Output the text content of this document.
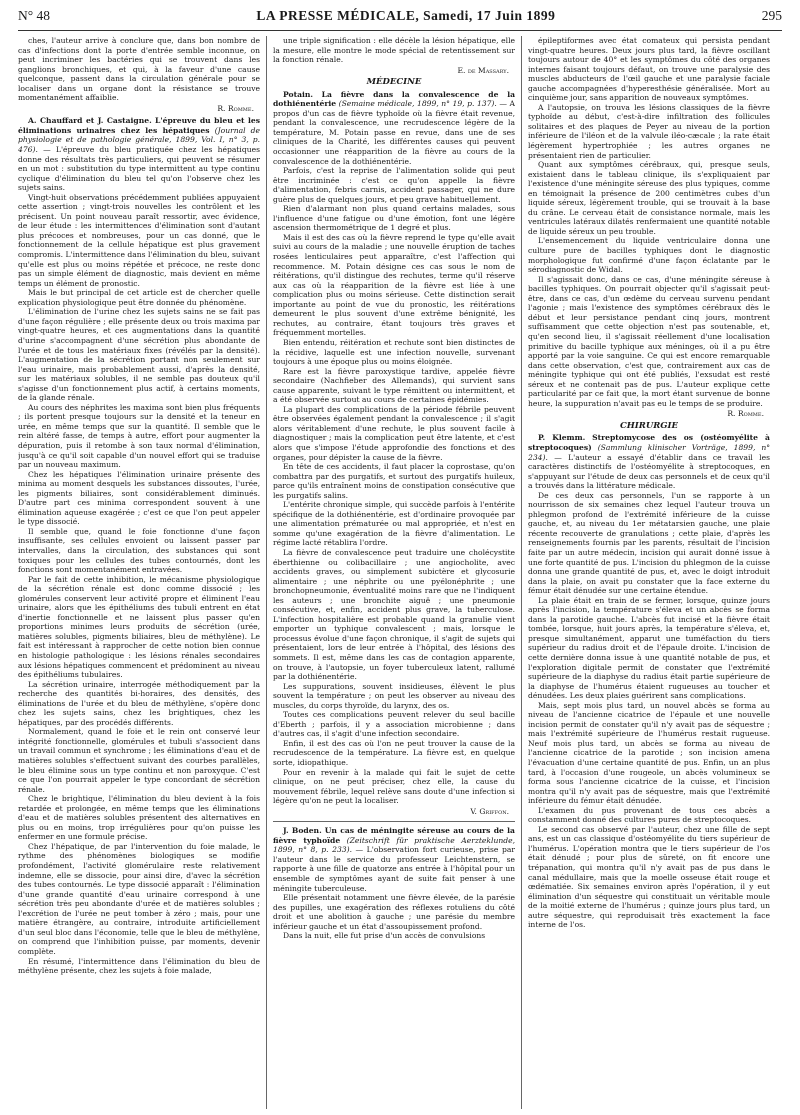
N° 48	LA PRESSE MÉDICALE, Samedi, 17 Juin 1899	295

ches, l'auteur arrive à conclure que, dans bon nombre de cas d'infections dont la porte d'entrée semble inconnue, on peut incriminer les bactéries qui se trouvent dans les ganglions bronchiques, et qui, à la faveur d'une cause quelconque, passent dans la circulation générale pour se localiser dans un organe dont la résistance se trouve momentanément affaiblie.

R. Romme.

A. Chauffard et J. Castaigne. L'épreuve du bleu et les éliminations urinaires chez les hépatiques (Journal de physiologie et de pathologie générale, 1899, Vol. I, n° 3, p. 476). — L'épreuve du bleu pratiquée chez les hépatiques donne des résultats très particuliers, qui peuvent se résumer en un mot : substitution du type intermittent au type continu cyclique d'élimination du bleu tel qu'on l'observe chez les sujets sains.

Vingt-huit observations précédemment publiées appuyaient cette assertion ; vingt-trois nouvelles les contrôlent et les précisent. Un point nouveau paraît ressortir, avec évidence, de leur étude : les intermittences d'élimination sont d'autant plus précoces et nombreuses, pour un cas donné, que le fonctionnement de la cellule hépatique est plus gravement compromis. L'intermittence dans l'élimination du bleu, suivant qu'elle est plus ou moins répétée et précoce, ne reste donc pas un simple élément de diagnostic, mais devient en même temps un élément de pronostic.

Mais le but principal de cet article est de chercher quelle explication physiologique peut être donnée du phénomène.

L'élimination de l'urine chez les sujets sains ne se fait pas d'une façon régulière ; elle présente deux ou trois maxima par vingt-quatre heures, et ces augmentations dans la quantité d'urine s'accompagnent d'une sécrétion plus abondante de l'urée et de tous les matériaux fixes (révélés par la densité). L'augmentation de la sécrétion portant non seulement sur l'eau urinaire, mais probablement aussi, d'après la densité, sur les matériaux solubles, il ne semble pas douteux qu'il s'agisse d'un fonctionnement plus actif, à certains moments, de la glande rénale.

Au cours des néphrites les maxima sont bien plus fréquents ; ils portent presque toujours sur la densité et la teneur en urée, en même temps que sur la quantité. Il semble que le rein altéré fasse, de temps à autre, effort pour augmenter la dépuration, puis il retombe à son taux normal d'élimination, jusqu'à ce qu'il soit capable d'un nouvel effort qui se traduise par un nouveau maximum.

Chez les hépatiques l'élimination urinaire présente des minima au moment desquels les substances dissoutes, l'urée, les pigments biliaires, sont considérablement diminués. D'autre part ces minima correspondent souvent à une élimination aqueuse exagérée ; c'est ce que l'on peut appeler le type dissocié.

Il semble que, quand le foie fonctionne d'une façon insuffisante, ses cellules envoient ou laissent passer par intervalles, dans la circulation, des substances qui sont toxiques pour les cellules des tubes contournés, dont les fonctions sont momentanément entravées.

Par le fait de cette inhibition, le mécanisme physiologique de la sécrétion rénale est donc comme dissocié ; les glomérules conservent leur activité propre et éliminent l'eau urinaire, alors que les épithéliums des tubuli entrent en état d'inertie fonctionnelle et ne laissent plus passer qu'en proportions minimes leurs produits de sécrétion (urée, matières solubles, pigments biliaires, bleu de méthylène). Le fait est intéressant à rapprocher de cette notion bien connue en histologie pathologique : les lésions rénales secondaires aux lésions hépatiques commencent et prédominent au niveau des épithéliums tubulaires.

La sécrétion urinaire, interrogée méthodiquement par la recherche des quantités bi-horaires, des densités, des éliminations de l'urée et du bleu de méthylène, s'opère donc chez les sujets sains, chez les brightiques, chez les hépatiques, par des procédés différents.

Normalement, quand le foie et le rein ont conservé leur intégrité fonctionnelle, glomérules et tubuli s'associent dans un travail commun et synchrome ; les éliminations d'eau et de matières solubles s'effectuent suivant des courbes parallèles, le bleu élimine sous un type continu et non paroxyque. C'est ce que l'on pourrait appeler le type concordant de sécrétion rénale.

Chez le brightique, l'élimination du bleu devient à la fois retardée et prolongée, en même temps que les éliminations d'eau et de matières solubles présentent des alternatives en plus ou en moins, trop irrégulières pour qu'on puisse les enfermer en une formule précise.

Chez l'hépatique, de par l'intervention du foie malade, le rythme des phénomènes biologiques se modifie profondément, l'activité glomérulaire reste relativement indemne, elle se dissocie, pour ainsi dire, d'avec la sécrétion des tubes contournés. Le type dissocié apparaît : l'élimination d'une grande quantité d'eau urinaire correspond à une sécrétion très peu abondante d'urée et de matières solubles ; l'excrétion de l'urée ne peut tomber à zéro ; mais, pour une matière étrangère, au contraire, introduite artificiellement d'un seul bloc dans l'économie, telle que le bleu de méthylène, on comprend que l'inhibition puisse, par moments, devenir complète.

En résumé, l'intermittence dans l'élimination du bleu de méthylène présente, chez les sujets à foie malade,

une triple signification : elle décèle la lésion hépatique, elle la mesure, elle montre le mode spécial de retentissement sur la fonction rénale.

E. de Massary.

MÉDECINE

Potain. La fièvre dans la convalescence de la dothiénentérie (Semaine médicale, 1899, n° 19, p. 137). — A propos d'un cas de fièvre typhoïde où la fièvre était revenue, pendant la convalescence, une recrudescence légère de la température, M. Potain passe en revue, dans une de ses cliniques de la Charité, les différentes causes qui peuvent occasionner une réapparition de la fièvre au cours de la convalescence de la dothiénentérie.

Parfois, c'est la reprise de l'alimentation solide qui peut être incriminée : c'est ce qu'on appelle la fièvre d'alimentation, febris carnis, accident passager, qui ne dure guère plus de quelques jours, et peu grave habituellement.

Rien d'alarmant non plus quand certains malades, sous l'influence d'une fatigue ou d'une émotion, font une légère ascension thermométrique de 1 degré et plus.

Mais il est des cas où la fièvre reprend le type qu'elle avait suivi au cours de la maladie ; une nouvelle éruption de taches rosées lenticulaires peut apparaître, c'est l'affection qui recommence. M. Potain désigne ces cas sous le nom de réitérations, qu'il distingue des rechutes, terme qu'il réserve aux cas où la réapparition de la fièvre est liée à une complication plus ou moins sérieuse. Cette distinction serait importante au point de vue du pronostic, les réitérations demeurent le plus souvent d'une extrême bénignité, les rechutes, au contraire, étant toujours très graves et fréquemment mortelles.

Bien entendu, réitération et rechute sont bien distinctes de la récidive, laquelle est une infection nouvelle, survenant toujours à une époque plus ou moins éloignée.

Rare est la fièvre paroxystique tardive, appelée fièvre secondaire (Nachfieber des Allemands), qui survient sans cause apparente, suivant le type rémittent ou intermittent, et a été observée surtout au cours de certaines épidémies.

La plupart des complications de la période fébrile peuvent être observées également pendant la convalescence ; il s'agit alors véritablement d'une rechute, le plus souvent facile à diagnostiquer ; mais la complication peut être latente, et c'est alors que s'impose l'étude approfondie des fonctions et des organes, pour dépister la cause de la fièvre.

En tête de ces accidents, il faut placer la coprostase, qu'on combattra par des purgatifs, et surtout des purgatifs huileux, parce qu'ils entraînent moins de constipation consécutive que les purgatifs salins.

L'entérite chronique simple, qui succède parfois à l'entérite spécifique de la dothiénentérie, est d'ordinaire provoquée par une alimentation prématurée ou mal appropriée, et n'est en somme qu'une exagération de la fièvre d'alimentation. Le régime lacté rétablira l'ordre.

La fièvre de convalescence peut traduire une cholécystite éberthienne ou colibacillaire ; une angiocholite, avec accidents graves, ou simplement subictère et glycosurie alimentaire ; une néphrite ou une pyélonéphrite ; une bronchopneumonie, éventualité moins rare que ne l'indiquent les auteurs ; une bronchite aiguë ; une pneumonie consécutive, et, enfin, accident plus grave, la tuberculose. L'infection hospitalière est probable quand la granulie vient emporter un typhique convalescent ; mais, lorsque le processus évolue d'une façon chronique, il s'agit de sujets qui présentaient, lors de leur entrée à l'hôpital, des lésions des sommets. Il est, même dans les cas de contagion apparente, on trouve, à l'autopsie, un foyer tuberculeux latent, rallumé par la dothiénentérie.

Les suppurations, souvent insidieuses, élèvent le plus souvent la température ; on peut les observer au niveau des muscles, du corps thyroïde, du larynx, des os.

Toutes ces complications peuvent relever du seul bacille d'Eberth ; parfois, il y a association microbienne ; dans d'autres cas, il s'agit d'une infection secondaire.

Enfin, il est des cas où l'on ne peut trouver la cause de la recrudescence de la température. La fièvre est, en quelque sorte, idiopathique.

Pour en revenir à la malade qui fait le sujet de cette clinique, on ne peut préciser, chez elle, la cause du mouvement fébrile, lequel relève sans doute d'une infection si légère qu'on ne peut la localiser.

V. Griffon.

J. Boden. Un cas de méningite séreuse au cours de la fièvre typhoïde (Zeitschrift für praktische Aerzteklunde, 1899, n° 8, p. 233). — L'observation fort curieuse, prise par l'auteur dans le service du professeur Leichtenstern, se rapporte à une fille de quatorze ans entrée à l'hôpital pour un ensemble de symptômes ayant de suite fait penser à une méningite tuberculeuse.

Elle présentait notamment une fièvre élevée, de la parésie des pupilles, une exagération des réflexes rotuliens du côté droit et une abolition à gauche ; une parésie du membre inférieur gauche et un état d'assoupissement profond.

Dans la nuit, elle fut prise d'un accès de convulsions

épileptiformes avec état comateux qui persista pendant vingt-quatre heures. Deux jours plus tard, la fièvre oscillant toujours autour de 40° et les symptômes du côté des organes internes faisant toujours défaut, on trouve une paralysie des muscles abducteurs de l'œil gauche et une paralysie faciale gauche accompagnées d'hyperesthésie généralisée. Mort au cinquième jour, sans apparition de nouveaux symptômes.

A l'autopsie, on trouva les lésions classiques de la fièvre typhoïde au début, c'est-à-dire infiltration des follicules solitaires et des plaques de Peyer au niveau de la portion inférieure de l'iléon et de la valvule iléo-cæcale ; la rate était légèrement hypertrophiée ; les autres organes ne présentaient rien de particulier.

Quant aux symptômes cérébraux, qui, presque seuls, existaient dans le tableau clinique, ils s'expliquaient par l'existence d'une méningite séreuse des plus typiques, comme en témoignait la présence de 200 centimètres cubes d'un liquide séreux, légèrement trouble, qui se trouvait à la base du crâne. Le cerveau était de consistance normale, mais les ventricules latéraux dilatés renfermaient une quantité notable de liquide séreux un peu trouble.

L'ensemencement du liquide ventriculaire donna une culture pure de bacilles typhiques dont le diagnostic morphologique fut confirmé d'une façon éclatante par le sérodiagnostic de Widal.

Il s'agissait donc, dans ce cas, d'une méningite séreuse à bacilles typhiques. On pourrait objecter qu'il s'agissait peut-être, dans ce cas, d'un œdème du cerveau survenu pendant l'agonie ; mais l'existence des symptômes cérébraux dès le début et leur persistance pendant cinq jours, montrent suffisamment que cette objection n'est pas soutenable, et, qu'en second lieu, il s'agissait réellement d'une localisation primitive du bacille typhique aux méninges, où il a pu être apporté par la voie sanguine. Ce qui est encore remarquable dans cette observation, c'est que, contrairement aux cas de méningite typhique qui ont été publiés, l'exsudat est resté séreux et ne contenait pas de pus. L'auteur explique cette particularité par ce fait que, la mort étant survenue de bonne heure, la suppuration n'avait pas eu le temps de se produire.

R. Romme.

CHIRURGIE

P. Klemm. Streptomycose des os (ostéomyélite à streptocoques) (Sammlung klinischer Vorträge, 1899, n° 234). — L'auteur a essayé d'établir dans ce travail les caractères distinctifs de l'ostéomyélite à streptocoques, en s'appuyant sur l'étude de deux cas personnels et de ceux qu'il a trouvés dans la littérature médicale.

De ces deux cas personnels, l'un se rapporte à un nourrisson de six semaines chez lequel l'auteur trouva un phlegmon profond de l'extrémité inférieure de la cuisse gauche, et, au niveau du 1er métatarsien gauche, une plaie récente recouverte de granulations ; cette plaie, d'après les renseignements fournis par les parents, résultait de l'incision faite par un autre médecin, incision qui aurait donné issue à une forte quantité de pus. L'incision du phlegmon de la cuisse donna une grande quantité de pus, et, avec le doigt introduit dans la plaie, on avait pu constater que la face externe du fémur était dénudée sur une certaine étendue.

La plaie était en train de se fermer, lorsque, quinze jours après l'incision, la température s'éleva et un abcès se forma dans la parotide gauche. L'abcès fut incisé et la fièvre était tombée, lorsque, huit jours après, la température s'éleva, et, presque simultanément, apparut une tuméfaction du tiers supérieur du radius droit et de l'épaule droite. L'incision de cette dernière donna issue à une quantité notable de pus, et l'exploration digitale permit de constater que l'extrémité supérieure de la diaphyse du radius était partie supérieure de la diaphyse de l'humérus étaient rugueuses au toucher et dénudées. Les deux plaies guérirent sans complications.

Mais, sept mois plus tard, un nouvel abcès se forma au niveau de l'ancienne cicatrice de l'épaule et une nouvelle incision permit de constater qu'il n'y avait pas de séquestre ; mais l'extrémité supérieure de l'humérus restait rugueuse. Neuf mois plus tard, un abcès se forma au niveau de l'ancienne cicatrice de la parotide ; son incision amena l'évacuation d'une certaine quantité de pus. Enfin, un an plus tard, à l'occasion d'une rougeole, un abcès volumineux se forma sous l'ancienne cicatrice de la cuisse, et l'incision montra qu'il n'y avait pas de séquestre, mais que l'extrémité inférieure du fémur était dénudée.

L'examen du pus provenant de tous ces abcès a constamment donné des cultures pures de streptocoques.

Le second cas observé par l'auteur, chez une fille de sept ans, est un cas classique d'ostéomyélite du tiers supérieur de l'humérus. L'opération montra que le tiers supérieur de l'os était dénudé ; pour plus de sûreté, on fit encore une trépanation, qui montra qu'il n'y avait pas de pus dans le canal médullaire, mais que la moelle osseuse était rouge et œdématiée. Six semaines environ après l'opération, il y eut élimination d'un séquestre qui constituait un véritable moule de la moitié externe de l'humérus ; quinze jours plus tard, un autre séquestre, qui reproduisait très exactement la face interne de l'os.
